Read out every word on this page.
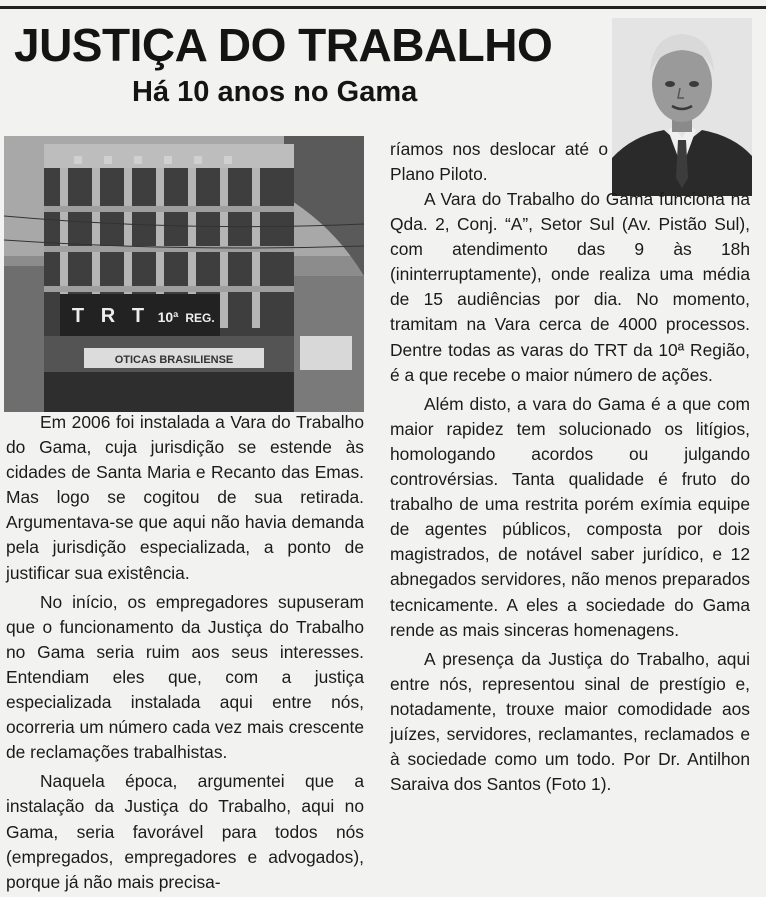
JUSTIÇA DO TRABALHO
Há 10 anos no Gama
T R T 10ª REG.
OTICAS BRASILIENSE

Em 2006 foi instalada a Vara do Trabalho do Gama, cuja jurisdição se estende às cidades de Santa Maria e Recanto das Emas. Mas logo se cogitou de sua retirada. Argumentava-se que aqui não havia demanda pela jurisdição especializada, a ponto de justificar sua existência.

No início, os empregadores supuseram que o funcionamento da Justiça do Trabalho no Gama seria ruim aos seus interesses. Entendiam eles que, com a justiça especializada instalada aqui entre nós, ocorreria um número cada vez mais crescente de reclamações trabalhistas.

Naquela época, argumentei que a instalação da Justiça do Trabalho, aqui no Gama, seria favorável para todos nós (empregados, empregadores e advogados), porque já não mais precisa-

ríamos nos deslocar até o Plano Piloto.

A Vara do Trabalho do Gama funciona na Qda. 2, Conj. “A”, Setor Sul (Av. Pistão Sul), com atendimento das 9 às 18h (ininterruptamente), onde realiza uma média de 15 audiências por dia. No momento, tramitam na Vara cerca de 4000 processos. Dentre todas as varas do TRT da 10ª Região, é a que recebe o maior número de ações.

Além disto, a vara do Gama é a que com maior rapidez tem solucionado os litígios, homologando acordos ou julgando controvérsias. Tanta qualidade é fruto do trabalho de uma restrita porém exímia equipe de agentes públicos, composta por dois magistrados, de notável saber jurídico, e 12 abnegados servidores, não menos preparados tecnicamente. A eles a sociedade do Gama rende as mais sinceras homenagens.

A presença da Justiça do Trabalho, aqui entre nós, representou sinal de prestígio e, notadamente, trouxe maior comodidade aos juízes, servidores, reclamantes, reclamados e à sociedade como um todo. Por Dr. Antilhon Saraiva dos Santos (Foto 1).
